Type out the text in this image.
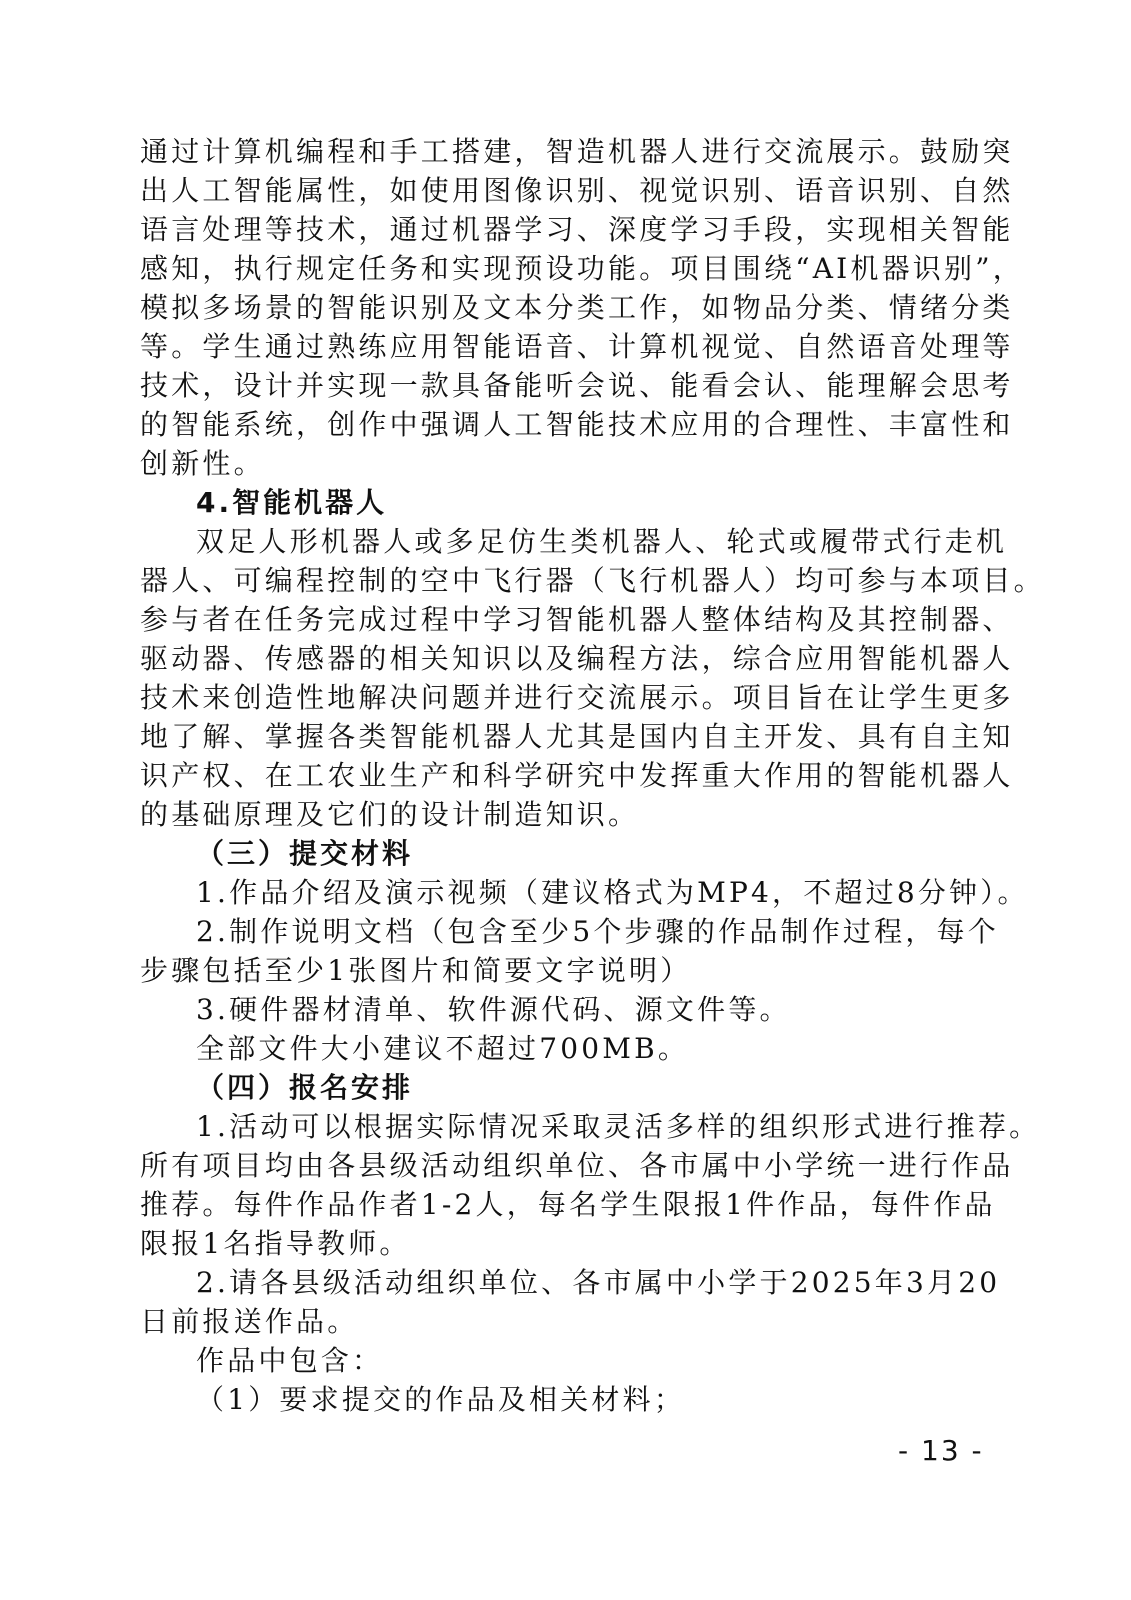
通过计算机编程和手工搭建，智造机器人进行交流展示。鼓励突
出人工智能属性，如使用图像识别、视觉识别、语音识别、自然
语言处理等技术，通过机器学习、深度学习手段，实现相关智能
感知，执行规定任务和实现预设功能。项目围绕“AI机器识别”，
模拟多场景的智能识别及文本分类工作，如物品分类、情绪分类
等。学生通过熟练应用智能语音、计算机视觉、自然语音处理等
技术，设计并实现一款具备能听会说、能看会认、能理解会思考
的智能系统，创作中强调人工智能技术应用的合理性、丰富性和
创新性。
4.智能机器人
双足人形机器人或多足仿生类机器人、轮式或履带式行走机
器人、可编程控制的空中飞行器（飞行机器人）均可参与本项目。
参与者在任务完成过程中学习智能机器人整体结构及其控制器、
驱动器、传感器的相关知识以及编程方法，综合应用智能机器人
技术来创造性地解决问题并进行交流展示。项目旨在让学生更多
地了解、掌握各类智能机器人尤其是国内自主开发、具有自主知
识产权、在工农业生产和科学研究中发挥重大作用的智能机器人
的基础原理及它们的设计制造知识。
（三）提交材料
1.作品介绍及演示视频（建议格式为MP4，不超过8分钟）。
2.制作说明文档（包含至少5个步骤的作品制作过程，每个
步骤包括至少1张图片和简要文字说明）
3.硬件器材清单、软件源代码、源文件等。
全部文件大小建议不超过700MB。
（四）报名安排
1.活动可以根据实际情况采取灵活多样的组织形式进行推荐。
所有项目均由各县级活动组织单位、各市属中小学统一进行作品
推荐。每件作品作者1-2人，每名学生限报1件作品，每件作品
限报1名指导教师。
2.请各县级活动组织单位、各市属中小学于2025年3月20
日前报送作品。
作品中包含：
（1）要求提交的作品及相关材料；
- 13 -
